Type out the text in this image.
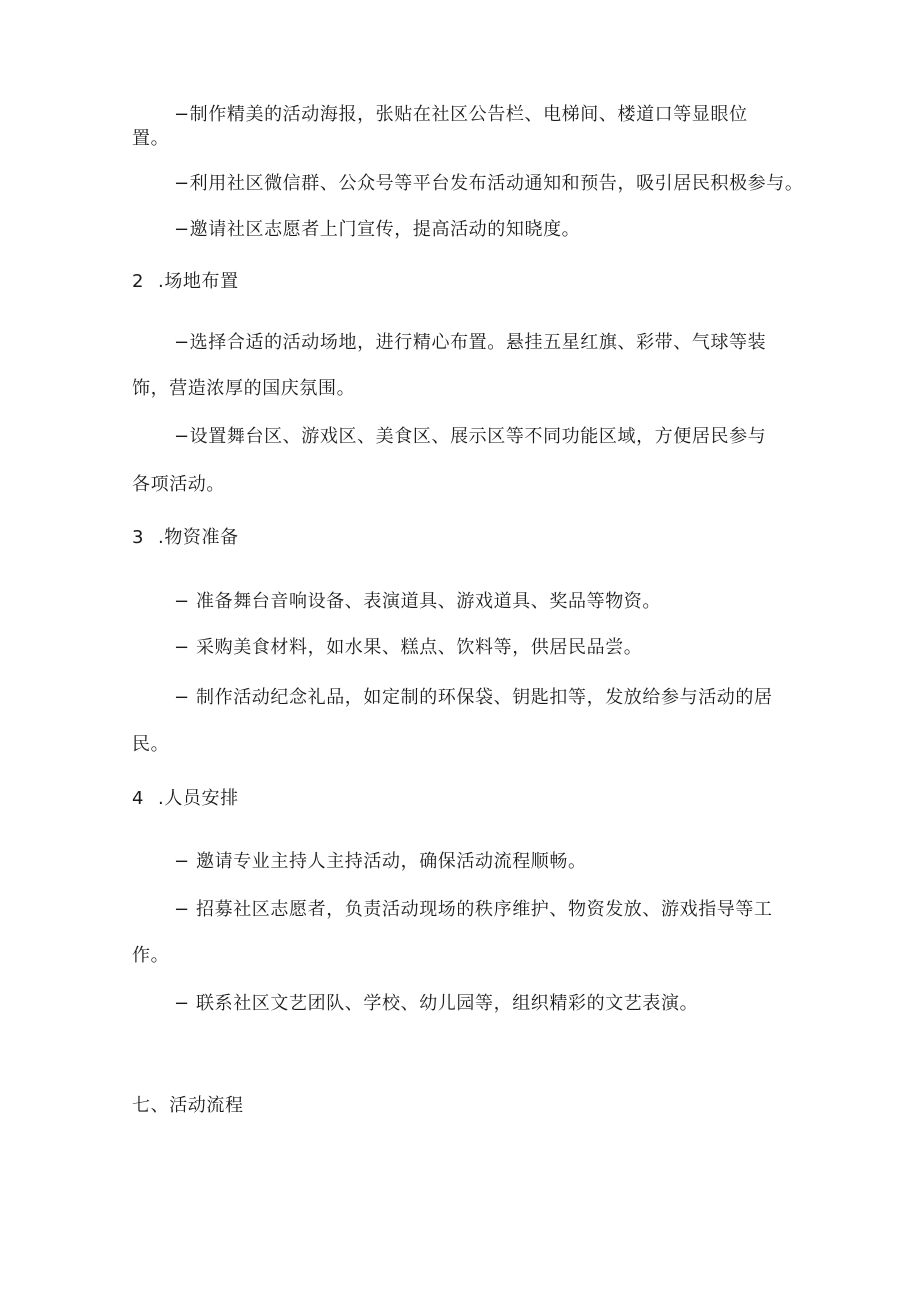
−制作精美的活动海报，张贴在社区公告栏、电梯间、楼道口等显眼位
置。
−利用社区微信群、公众号等平台发布活动通知和预告，吸引居民积极参与。
−邀请社区志愿者上门宣传，提高活动的知晓度。
2 .场地布置
−选择合适的活动场地，进行精心布置。悬挂五星红旗、彩带、气球等装
饰，营造浓厚的国庆氛围。
−设置舞台区、游戏区、美食区、展示区等不同功能区域，方便居民参与
各项活动。
3 .物资准备
− 准备舞台音响设备、表演道具、游戏道具、奖品等物资。
− 采购美食材料，如水果、糕点、饮料等，供居民品尝。
− 制作活动纪念礼品，如定制的环保袋、钥匙扣等，发放给参与活动的居
民。
4 .人员安排
− 邀请专业主持人主持活动，确保活动流程顺畅。
− 招募社区志愿者，负责活动现场的秩序维护、物资发放、游戏指导等工
作。
− 联系社区文艺团队、学校、幼儿园等，组织精彩的文艺表演。
七、活动流程
